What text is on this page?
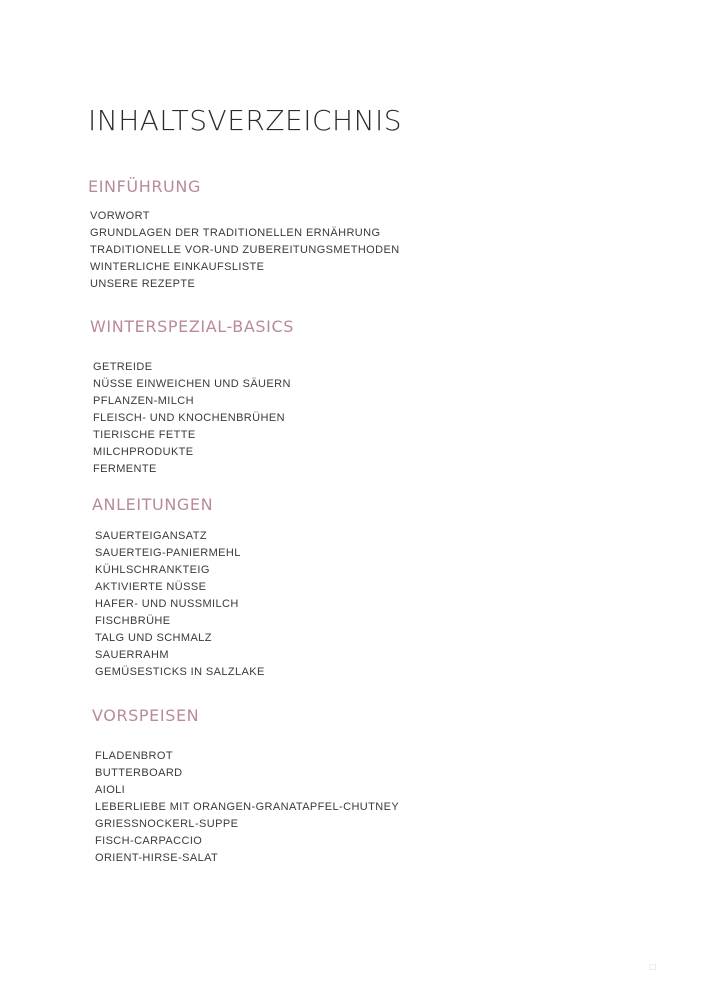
INHALTSVERZEICHNIS
EINFÜHRUNG
VORWORT
GRUNDLAGEN DER TRADITIONELLEN ERNÄHRUNG
TRADITIONELLE VOR-UND ZUBEREITUNGSMETHODEN
WINTERLICHE EINKAUFSLISTE
UNSERE REZEPTE
WINTERSPEZIAL-BASICS
GETREIDE
NÜSSE EINWEICHEN UND SÄUERN
PFLANZEN-MILCH
FLEISCH- UND KNOCHENBRÜHEN
TIERISCHE FETTE
MILCHPRODUKTE
FERMENTE
ANLEITUNGEN
SAUERTEIGANSATZ
SAUERTEIG-PANIERMEHL
KÜHLSCHRANKTEIG
AKTIVIERTE NÜSSE
HAFER- UND NUSSMILCH
FISCHBRÜHE
TALG UND SCHMALZ
SAUERRAHM
GEMÜSESTICKS IN SALZLAKE
VORSPEISEN
FLADENBROT
BUTTERBOARD
AIOLI
LEBERLIEBE MIT ORANGEN-GRANATAPFEL-CHUTNEY
GRIESSNOCKERL-SUPPE
FISCH-CARPACCIO
ORIENT-HIRSE-SALAT
□
